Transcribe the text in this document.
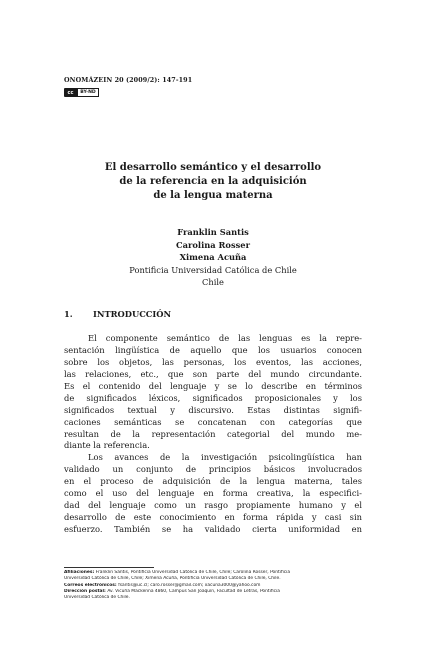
ONOMÁZEIN 20 (2009/2): 147-191
cc	BY-ND
El desarrollo semántico y el desarrollo
de la referencia en la adquisición
de la lengua materna
Franklin Santis
Carolina Rosser
Ximena Acuña
Pontificia Universidad Católica de Chile
Chile
1. INTRODUCCIÓN
El componente semántico de las lenguas es la repre-
sentación lingüística de aquello que los usuarios conocen
sobre los objetos, las personas, los eventos, las acciones,
las relaciones, etc., que son parte del mundo circundante.
Es el contenido del lenguaje y se lo describe en términos
de significados léxicos, significados proposicionales y los
significados textual y discursivo. Estas distintas signifi-
caciones semánticas se concatenan con categorías que
resultan de la representación categorial del mundo me-
diante la referencia.
Los avances de la investigación psicolingüística han
validado un conjunto de principios básicos involucrados
en el proceso de adquisición de la lengua materna, tales
como el uso del lenguaje en forma creativa, la especifici-
dad del lenguaje como un rasgo propiamente humano y el
desarrollo de este conocimiento en forma rápida y casi sin
esfuerzo. También se ha validado cierta uniformidad en
Afiliaciones: Franklin Santis, Pontificia Universidad Católica de Chile, Chile; Carolina Rosser, Pontificia
Universidad Católica de Chile, Chile; Ximena Acuña, Pontificia Universidad Católica de Chile, Chile.
Correos electrónicos: fsantis@uc.cl; caro.rosser@gmail.com; xacuna3000@yahoo.com
Dirección postal: Av. Vicuña Mackenna 4860, Campus San Joaquín, Facultad de Letras, Pontificia
Universidad Católica de Chile.
